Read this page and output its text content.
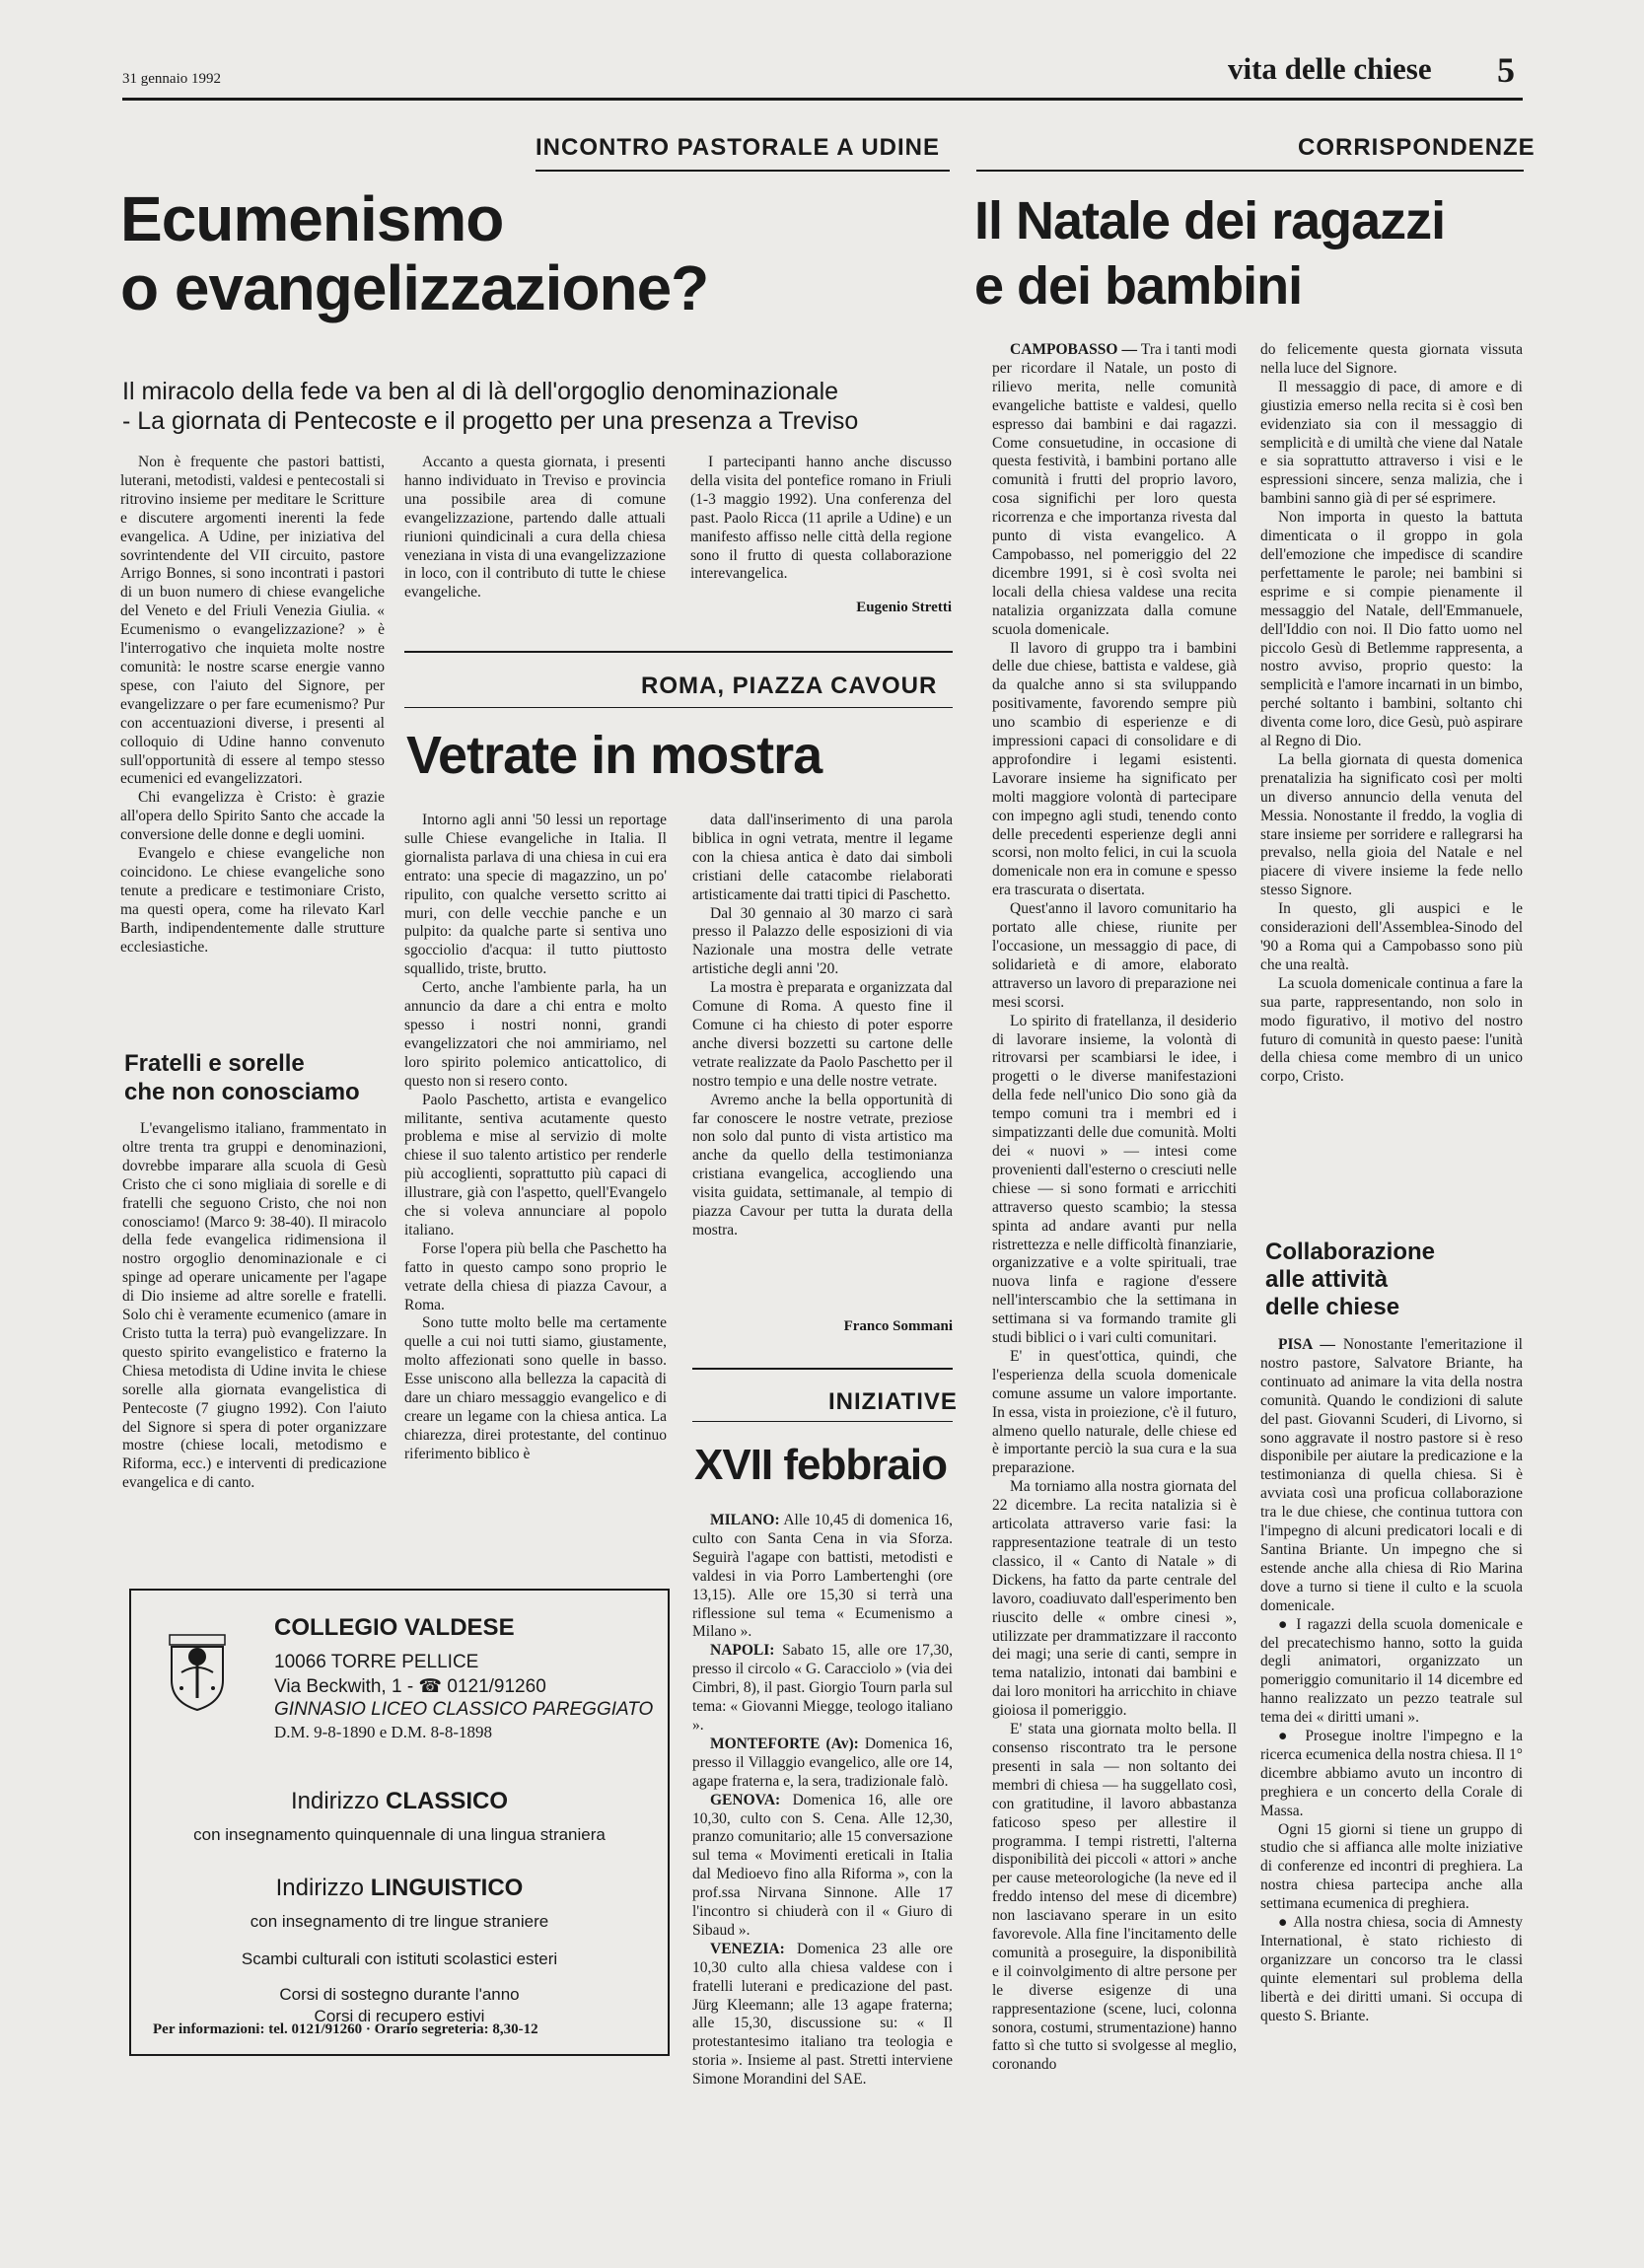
31 gennaio 1992	vita delle chiese 5
INCONTRO PASTORALE A UDINE
Ecumenismo
o evangelizzazione?
Il miracolo della fede va ben al di là dell'orgoglio denominazionale
- La giornata di Pentecoste e il progetto per una presenza a Treviso

Non è frequente che pastori battisti, luterani, metodisti, valdesi e pentecostali si ritrovino insieme per meditare le Scritture e discutere argomenti inerenti la fede evangelica. A Udine, per iniziativa del sovrintendente del VII circuito, pastore Arrigo Bonnes, si sono incontrati i pastori di un buon numero di chiese evangeliche del Veneto e del Friuli Venezia Giulia. « Ecumenismo o evangelizzazione? » è l'interrogativo che inquieta molte nostre comunità: le nostre scarse energie vanno spese, con l'aiuto del Signore, per evangelizzare o per fare ecumenismo? Pur con accentuazioni diverse, i presenti al colloquio di Udine hanno convenuto sull'opportunità di essere al tempo stesso ecumenici ed evangelizzatori.

Chi evangelizza è Cristo: è grazie all'opera dello Spirito Santo che accade la conversione delle donne e degli uomini.

Evangelo e chiese evangeliche non coincidono. Le chiese evangeliche sono tenute a predicare e testimoniare Cristo, ma questi opera, come ha rilevato Karl Barth, indipendentemente dalle strutture ecclesiastiche.

Accanto a questa giornata, i presenti hanno individuato in Treviso e provincia una possibile area di comune evangelizzazione, partendo dalle attuali riunioni quindicinali a cura della chiesa veneziana in vista di una evangelizzazione in loco, con il contributo di tutte le chiese evangeliche.

I partecipanti hanno anche discusso della visita del pontefice romano in Friuli (1-3 maggio 1992). Una conferenza del past. Paolo Ricca (11 aprile a Udine) e un manifesto affisso nelle città della regione sono il frutto di questa collaborazione interevangelica.

Eugenio Stretti
Fratelli e sorelle
che non conosciamo

L'evangelismo italiano, frammentato in oltre trenta tra gruppi e denominazioni, dovrebbe imparare alla scuola di Gesù Cristo che ci sono migliaia di sorelle e di fratelli che seguono Cristo, che noi non conosciamo! (Marco 9: 38-40). Il miracolo della fede evangelica ridimensiona il nostro orgoglio denominazionale e ci spinge ad operare unicamente per l'agape di Dio insieme ad altre sorelle e fratelli. Solo chi è veramente ecumenico (amare in Cristo tutta la terra) può evangelizzare. In questo spirito evangelistico e fraterno la Chiesa metodista di Udine invita le chiese sorelle alla giornata evangelistica di Pentecoste (7 giugno 1992). Con l'aiuto del Signore si spera di poter organizzare mostre (chiese locali, metodismo e Riforma, ecc.) e interventi di predicazione evangelica e di canto.

ROMA, PIAZZA CAVOUR
Vetrate in mostra

Intorno agli anni '50 lessi un reportage sulle Chiese evangeliche in Italia. Il giornalista parlava di una chiesa in cui era entrato: una specie di magazzino, un po' ripulito, con qualche versetto scritto ai muri, con delle vecchie panche e un pulpito: da qualche parte si sentiva uno sgocciolio d'acqua: il tutto piuttosto squallido, triste, brutto.

Certo, anche l'ambiente parla, ha un annuncio da dare a chi entra e molto spesso i nostri nonni, grandi evangelizzatori che noi ammiriamo, nel loro spirito polemico anticattolico, di questo non si resero conto.

Paolo Paschetto, artista e evangelico militante, sentiva acutamente questo problema e mise al servizio di molte chiese il suo talento artistico per renderle più accoglienti, soprattutto più capaci di illustrare, già con l'aspetto, quell'Evangelo che si voleva annunciare al popolo italiano.

Forse l'opera più bella che Paschetto ha fatto in questo campo sono proprio le vetrate della chiesa di piazza Cavour, a Roma.

Sono tutte molto belle ma certamente quelle a cui noi tutti siamo, giustamente, molto affezionati sono quelle in basso. Esse uniscono alla bellezza la capacità di dare un chiaro messaggio evangelico e di creare un legame con la chiesa antica. La chiarezza, direi protestante, del continuo riferimento biblico è

data dall'inserimento di una parola biblica in ogni vetrata, mentre il legame con la chiesa antica è dato dai simboli cristiani delle catacombe rielaborati artisticamente dai tratti tipici di Paschetto.

Dal 30 gennaio al 30 marzo ci sarà presso il Palazzo delle esposizioni di via Nazionale una mostra delle vetrate artistiche degli anni '20.

La mostra è preparata e organizzata dal Comune di Roma. A questo fine il Comune ci ha chiesto di poter esporre anche diversi bozzetti su cartone delle vetrate realizzate da Paolo Paschetto per il nostro tempio e una delle nostre vetrate.

Avremo anche la bella opportunità di far conoscere le nostre vetrate, preziose non solo dal punto di vista artistico ma anche da quello della testimonianza cristiana evangelica, accogliendo una visita guidata, settimanale, al tempio di piazza Cavour per tutta la durata della mostra.

Franco Sommani
INIZIATIVE
XVII febbraio

MILANO: Alle 10,45 di domenica 16, culto con Santa Cena in via Sforza. Seguirà l'agape con battisti, metodisti e valdesi in via Porro Lambertenghi (ore 13,15). Alle ore 15,30 si terrà una riflessione sul tema « Ecumenismo a Milano ».

NAPOLI: Sabato 15, alle ore 17,30, presso il circolo « G. Caracciolo » (via dei Cimbri, 8), il past. Giorgio Tourn parla sul tema: « Giovanni Miegge, teologo italiano ».

MONTEFORTE (Av): Domenica 16, presso il Villaggio evangelico, alle ore 14, agape fraterna e, la sera, tradizionale falò.

GENOVA: Domenica 16, alle ore 10,30, culto con S. Cena. Alle 12,30, pranzo comunitario; alle 15 conversazione sul tema « Movimenti ereticali in Italia dal Medioevo fino alla Riforma », con la prof.ssa Nirvana Sinnone. Alle 17 l'incontro si chiuderà con il « Giuro di Sibaud ».

VENEZIA: Domenica 23 alle ore 10,30 culto alla chiesa valdese con i fratelli luterani e predicazione del past. Jürg Kleemann; alle 13 agape fraterna; alle 15,30, discussione su: « Il protestantesimo italiano tra teologia e storia ». Insieme al past. Stretti interviene Simone Morandini del SAE.

CORRISPONDENZE
Il Natale dei ragazzi
e dei bambini

CAMPOBASSO — Tra i tanti modi per ricordare il Natale, un posto di rilievo merita, nelle comunità evangeliche battiste e valdesi, quello espresso dai bambini e dai ragazzi. Come consuetudine, in occasione di questa festività, i bambini portano alle comunità i frutti del proprio lavoro, cosa significhi per loro questa ricorrenza e che importanza rivesta dal punto di vista evangelico. A Campobasso, nel pomeriggio del 22 dicembre 1991, si è così svolta nei locali della chiesa valdese una recita natalizia organizzata dalla comune scuola domenicale.

Il lavoro di gruppo tra i bambini delle due chiese, battista e valdese, già da qualche anno si sta sviluppando positivamente, favorendo sempre più uno scambio di esperienze e di impressioni capaci di consolidare e di approfondire i legami esistenti. Lavorare insieme ha significato per molti maggiore volontà di partecipare con impegno agli studi, tenendo conto delle precedenti esperienze degli anni scorsi, non molto felici, in cui la scuola domenicale non era in comune e spesso era trascurata o disertata.

Quest'anno il lavoro comunitario ha portato alle chiese, riunite per l'occasione, un messaggio di pace, di solidarietà e di amore, elaborato attraverso un lavoro di preparazione nei mesi scorsi.

Lo spirito di fratellanza, il desiderio di lavorare insieme, la volontà di ritrovarsi per scambiarsi le idee, i progetti o le diverse manifestazioni della fede nell'unico Dio sono già da tempo comuni tra i membri ed i simpatizzanti delle due comunità. Molti dei « nuovi » — intesi come provenienti dall'esterno o cresciuti nelle chiese — si sono formati e arricchiti attraverso questo scambio; la stessa spinta ad andare avanti pur nella ristrettezza e nelle difficoltà finanziarie, organizzative e a volte spirituali, trae nuova linfa e ragione d'essere nell'interscambio che la settimana in settimana si va formando tramite gli studi biblici o i vari culti comunitari.

E' in quest'ottica, quindi, che l'esperienza della scuola domenicale comune assume un valore importante. In essa, vista in proiezione, c'è il futuro, almeno quello naturale, delle chiese ed è importante perciò la sua cura e la sua preparazione.

Ma torniamo alla nostra giornata del 22 dicembre. La recita natalizia si è articolata attraverso varie fasi: la rappresentazione teatrale di un testo classico, il « Canto di Natale » di Dickens, ha fatto da parte centrale del lavoro, coadiuvato dall'esperimento ben riuscito delle « ombre cinesi », utilizzate per drammatizzare il racconto dei magi; una serie di canti, sempre in tema natalizio, intonati dai bambini e dai loro monitori ha arricchito in chiave gioiosa il pomeriggio.

E' stata una giornata molto bella. Il consenso riscontrato tra le persone presenti in sala — non soltanto dei membri di chiesa — ha suggellato così, con gratitudine, il lavoro abbastanza faticoso speso per allestire il programma. I tempi ristretti, l'alterna disponibilità dei piccoli « attori » anche per cause meteorologiche (la neve ed il freddo intenso del mese di dicembre) non lasciavano sperare in un esito favorevole. Alla fine l'incitamento delle comunità a proseguire, la disponibilità e il coinvolgimento di altre persone per le diverse esigenze di una rappresentazione (scene, luci, colonna sonora, costumi, strumentazione) hanno fatto sì che tutto si svolgesse al meglio, coronando

do felicemente questa giornata vissuta nella luce del Signore.

Il messaggio di pace, di amore e di giustizia emerso nella recita si è così ben evidenziato sia con il messaggio di semplicità e di umiltà che viene dal Natale e sia soprattutto attraverso i visi e le espressioni sincere, senza malizia, che i bambini sanno già di per sé esprimere.

Non importa in questo la battuta dimenticata o il groppo in gola dell'emozione che impedisce di scandire perfettamente le parole; nei bambini si esprime e si compie pienamente il messaggio del Natale, dell'Emmanuele, dell'Iddio con noi. Il Dio fatto uomo nel piccolo Gesù di Betlemme rappresenta, a nostro avviso, proprio questo: la semplicità e l'amore incarnati in un bimbo, perché soltanto i bambini, soltanto chi diventa come loro, dice Gesù, può aspirare al Regno di Dio.

La bella giornata di questa domenica prenatalizia ha significato così per molti un diverso annuncio della venuta del Messia. Nonostante il freddo, la voglia di stare insieme per sorridere e rallegrarsi ha prevalso, nella gioia del Natale e nel piacere di vivere insieme la fede nello stesso Signore.

In questo, gli auspici e le considerazioni dell'Assemblea-Sinodo del '90 a Roma qui a Campobasso sono più che una realtà.

La scuola domenicale continua a fare la sua parte, rappresentando, non solo in modo figurativo, il motivo del nostro futuro di comunità in questo paese: l'unità della chiesa come membro di un unico corpo, Cristo.

Collaborazione
alle attività
delle chiese

PISA — Nonostante l'emeritazione il nostro pastore, Salvatore Briante, ha continuato ad animare la vita della nostra comunità. Quando le condizioni di salute del past. Giovanni Scuderi, di Livorno, si sono aggravate il nostro pastore si è reso disponibile per aiutare la predicazione e la testimonianza di quella chiesa. Si è avviata così una proficua collaborazione tra le due chiese, che continua tuttora con l'impegno di alcuni predicatori locali e di Santina Briante. Un impegno che si estende anche alla chiesa di Rio Marina dove a turno si tiene il culto e la scuola domenicale.

● I ragazzi della scuola domenicale e del precatechismo hanno, sotto la guida degli animatori, organizzato un pomeriggio comunitario il 14 dicembre ed hanno realizzato un pezzo teatrale sul tema dei « diritti umani ».

● Prosegue inoltre l'impegno e la ricerca ecumenica della nostra chiesa. Il 1° dicembre abbiamo avuto un incontro di preghiera e un concerto della Corale di Massa.

Ogni 15 giorni si tiene un gruppo di studio che si affianca alle molte iniziative di conferenze ed incontri di preghiera. La nostra chiesa partecipa anche alla settimana ecumenica di preghiera.

● Alla nostra chiesa, socia di Amnesty International, è stato richiesto di organizzare un concorso tra le classi quinte elementari sul problema della libertà e dei diritti umani. Si occupa di questo S. Briante.

COLLEGIO VALDESE
10066 TORRE PELLICE
Via Beckwith, 1 - ☎ 0121/91260
GINNASIO LICEO CLASSICO PAREGGIATO
D.M. 9-8-1890 e D.M. 8-8-1898
Indirizzo CLASSICO
con insegnamento quinquennale di una lingua straniera
Indirizzo LINGUISTICO
con insegnamento di tre lingue straniere
Scambi culturali con istituti scolastici esteri
Corsi di sostegno durante l'anno
Corsi di recupero estivi
Per informazioni: tel. 0121/91260 · Orario segreteria: 8,30-12
